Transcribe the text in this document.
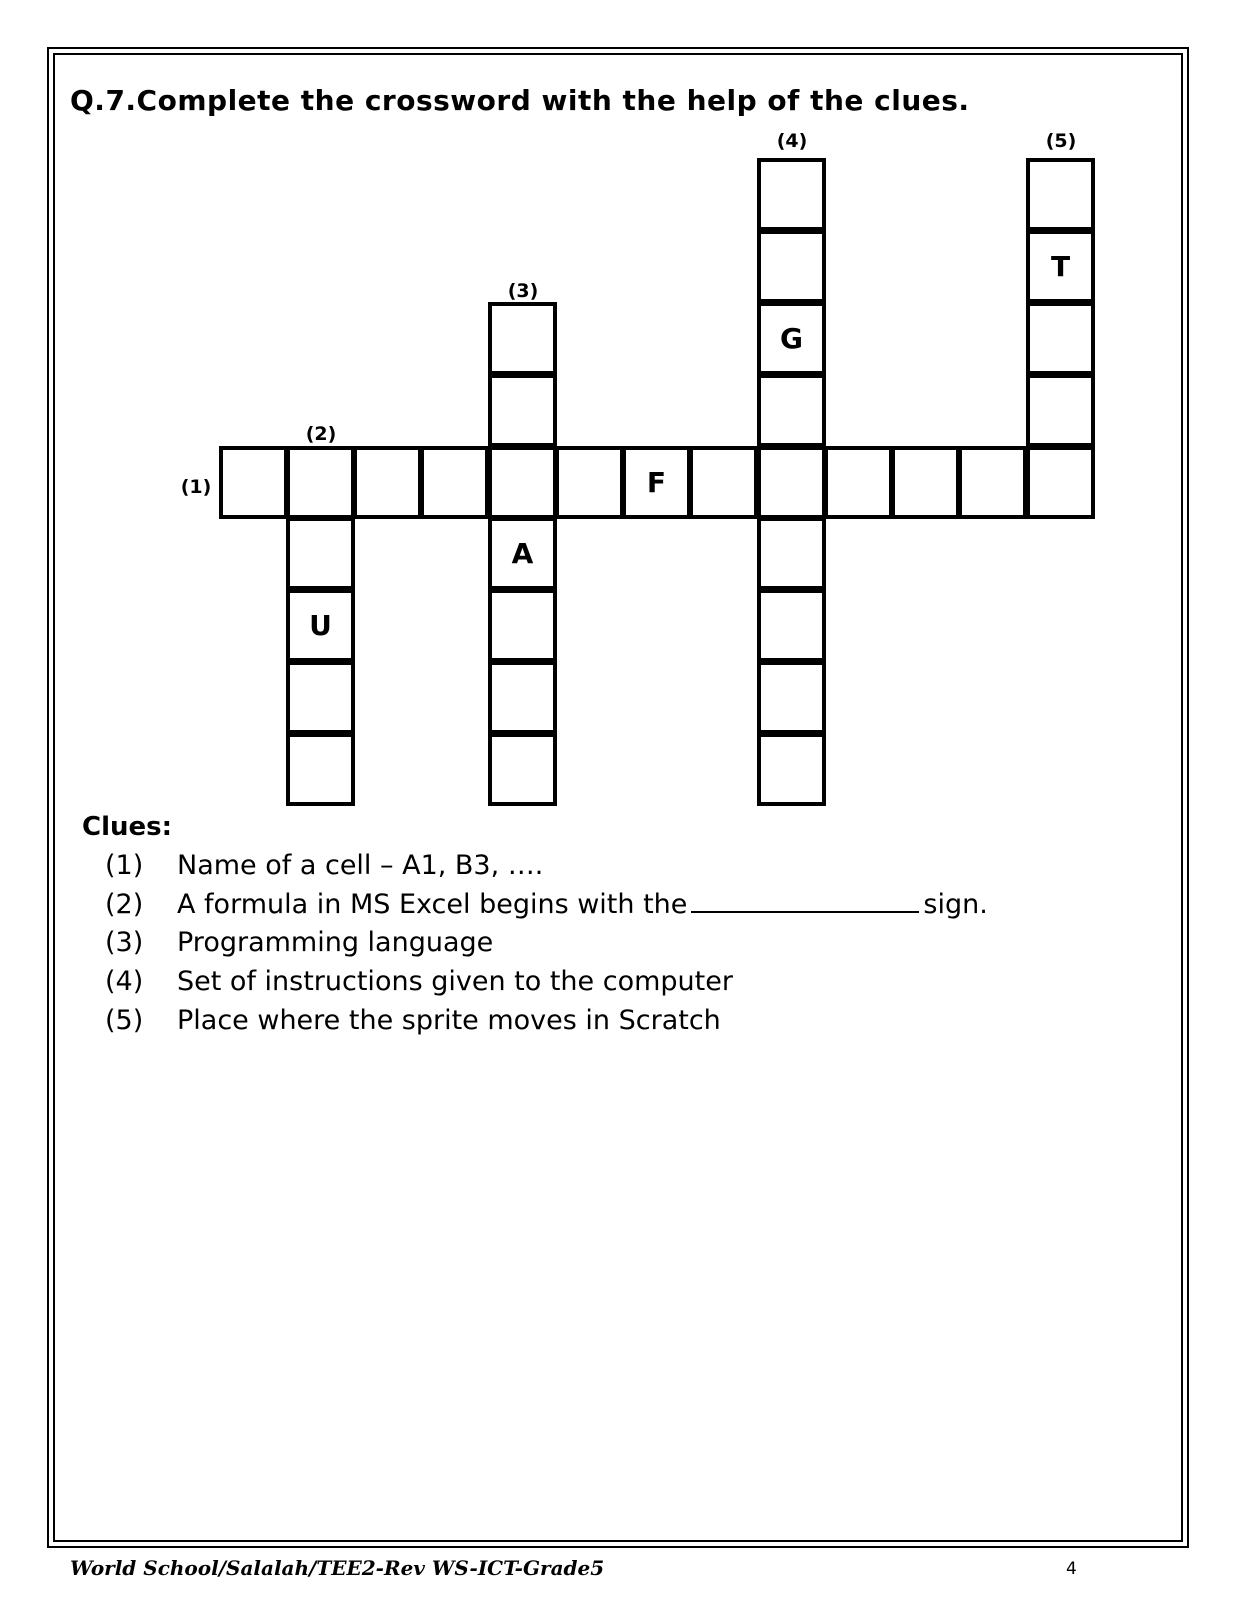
Q.7.Complete the crossword with the help of the clues.
(1)
(2)
(3)
(4)	(5)
F
U
A
G
T
Clues:
(1) Name of a cell – A1, B3, ….
(2) A formula in MS Excel begins with the	sign.
(3) Programming language
(4) Set of instructions given to the computer
(5) Place where the sprite moves in Scratch
World School/Salalah/TEE2-Rev WS-ICT-Grade5	4
